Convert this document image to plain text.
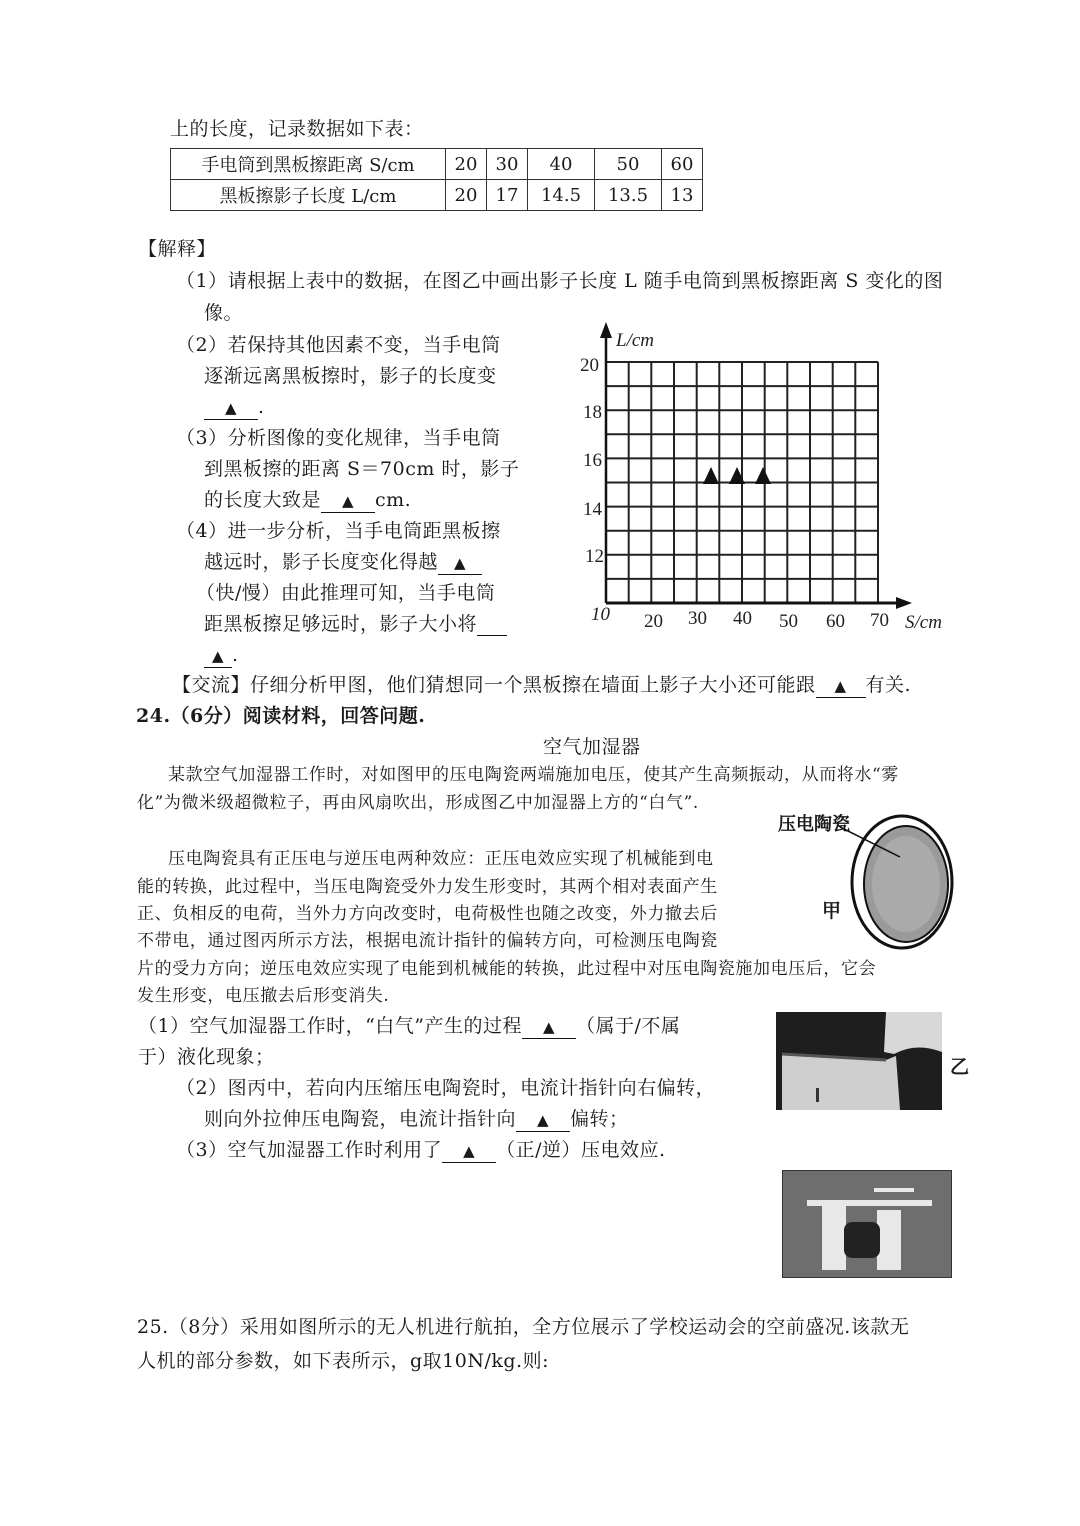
上的长度，记录数据如下表：
手电筒到黑板擦距离 S/cm	20	30	40	50	60
黑板擦影子长度 L/cm	20	17	14.5	13.5	13
【解释】
（1）请根据上表中的数据，在图乙中画出影子长度 L 随手电筒到黑板擦距离 S 变化的图
像。
（2）若保持其他因素不变，当手电筒
逐渐远离黑板擦时，影子的长度变
▲ .
（3）分析图像的变化规律，当手电筒
到黑板擦的距离 S＝70cm 时，影子
的长度大致是 ▲ cm.
（4）进一步分析，当手电筒距黑板擦
越远时，影子长度变化得越 ▲
（快/慢）由此推理可知，当手电筒
距黑板擦足够远时，影子大小将
▲ .
L/cm
20
18
16
14
12
10 20 30 40 50 60 70 S/cm
【交流】仔细分析甲图，他们猜想同一个黑板擦在墙面上影子大小还可能跟 ▲ 有关.
24.（6分）阅读材料，回答问题.
空气加湿器
某款空气加湿器工作时，对如图甲的压电陶瓷两端施加电压，使其产生高频振动，从而将水“雾
化”为微米级超微粒子，再由风扇吹出，形成图乙中加湿器上方的“白气”.
压电陶瓷具有正压电与逆压电两种效应：正压电效应实现了机械能到电
能的转换，此过程中，当压电陶瓷受外力发生形变时，其两个相对表面产生
正、负相反的电荷，当外力方向改变时，电荷极性也随之改变，外力撤去后
不带电，通过图丙所示方法，根据电流计指针的偏转方向，可检测压电陶瓷
片的受力方向；逆压电效应实现了电能到机械能的转换，此过程中对压电陶瓷施加电压后，它会
发生形变，电压撤去后形变消失.
压电陶瓷
甲
（1）空气加湿器工作时，“白气”产生的过程 ▲ （属于/不属
于）液化现象；
（2）图丙中，若向内压缩压电陶瓷时，电流计指针向右偏转，
则向外拉伸压电陶瓷，电流计指针向 ▲ 偏转；
（3）空气加湿器工作时利用了 ▲ （正/逆）压电效应.
乙
25.（8分）采用如图所示的无人机进行航拍，全方位展示了学校运动会的空前盛况.该款无
人机的部分参数，如下表所示，g取10N/kg.则:
